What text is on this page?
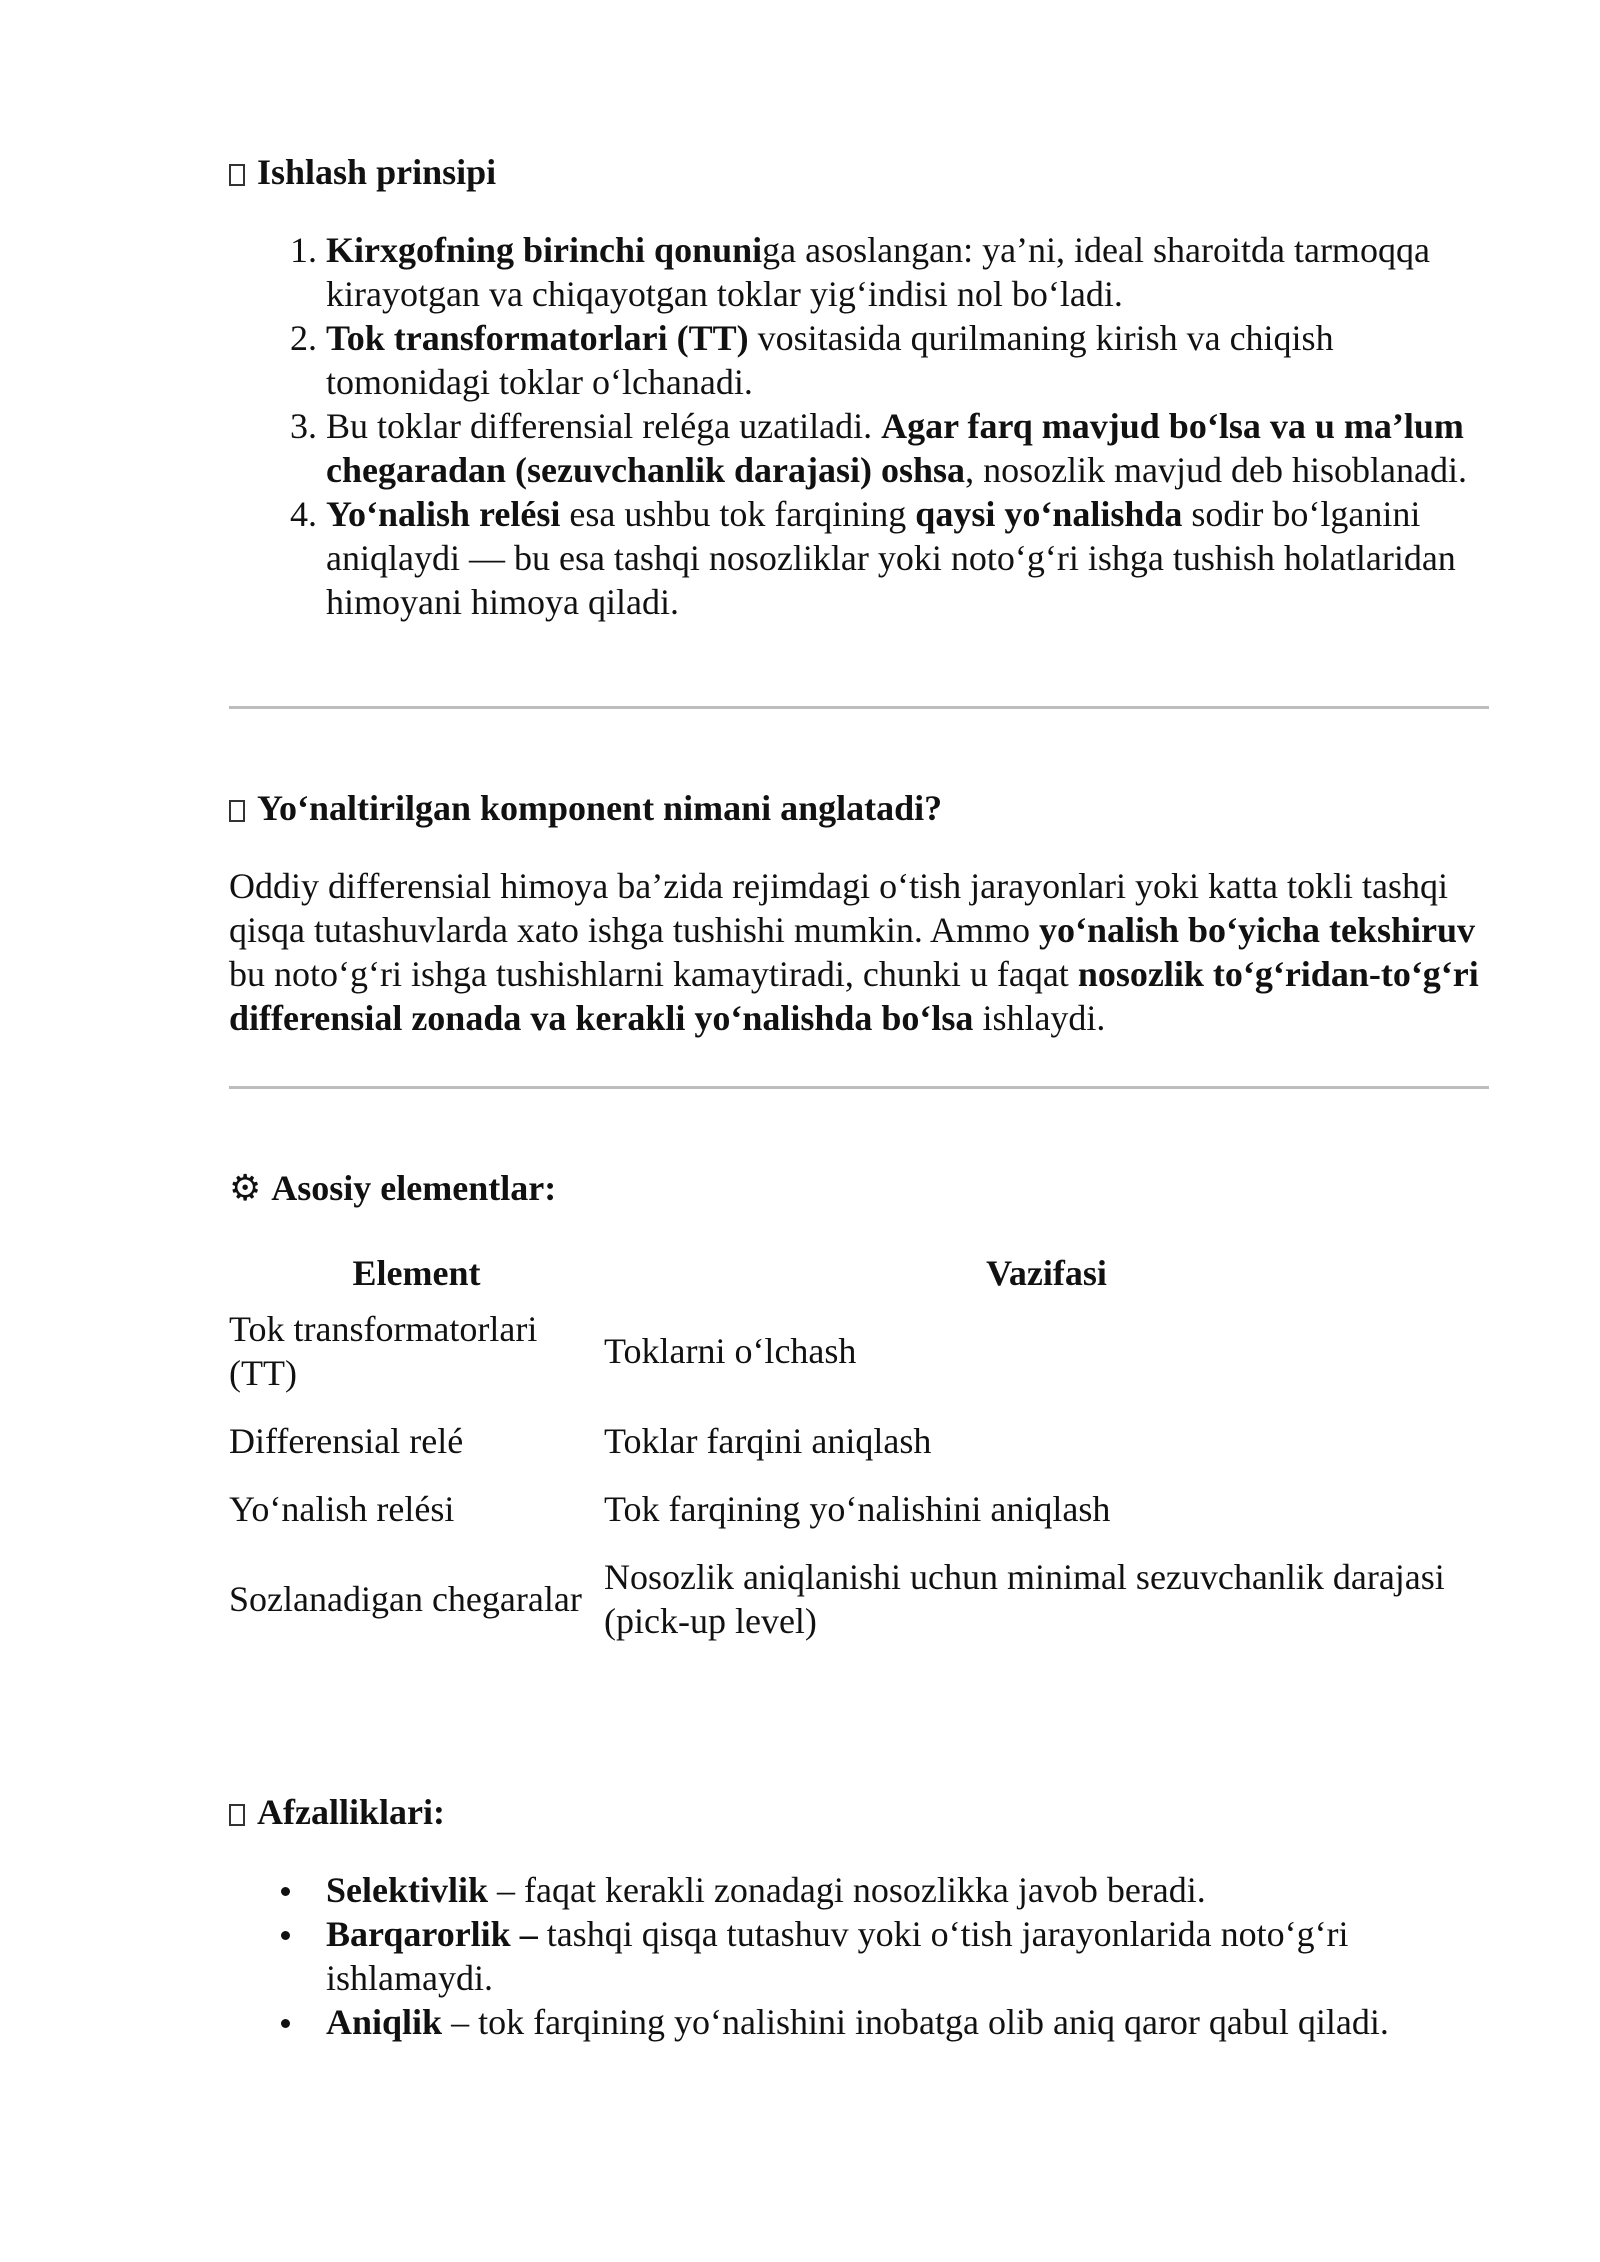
Ishlash prinsipi
1. Kirxgofning birinchi qonuniga asoslangan: ya’ni, ideal sharoitda tarmoqqa kirayotgan va chiqayotgan toklar yig‘indisi nol bo‘ladi.
2. Tok transformatorlari (TT) vositasida qurilmaning kirish va chiqish tomonidagi toklar o‘lchanadi.
3. Bu toklar differensial reléga uzatiladi. Agar farq mavjud bo‘lsa va u ma’lum chegaradan (sezuvchanlik darajasi) oshsa, nosozlik mavjud deb hisoblanadi.
4. Yo‘nalish relési esa ushbu tok farqining qaysi yo‘nalishda sodir bo‘lganini aniqlaydi — bu esa tashqi nosozliklar yoki noto‘g‘ri ishga tushish holatlaridan himoyani himoya qiladi.
Yo‘naltirilgan komponent nimani anglatadi?

Oddiy differensial himoya ba’zida rejimdagi o‘tish jarayonlari yoki katta tokli tashqi qisqa tutashuvlarda xato ishga tushishi mumkin. Ammo yo‘nalish bo‘yicha tekshiruv bu noto‘g‘ri ishga tushishlarni kamaytiradi, chunki u faqat nosozlik to‘g‘ridan-to‘g‘ri differensial zonada va kerakli yo‘nalishda bo‘lsa ishlaydi.

⚙ Asosiy elementlar:
Element	Vazifasi
Tok transformatorlari (TT)	Toklarni o‘lchash
Differensial relé	Toklar farqini aniqlash
Yo‘nalish relési	Tok farqining yo‘nalishini aniqlash
Sozlanadigan chegaralar	Nosozlik aniqlanishi uchun minimal sezuvchanlik darajasi (pick-up level)
Afzalliklari:
Selektivlik – faqat kerakli zonadagi nosozlikka javob beradi.
Barqarorlik – tashqi qisqa tutashuv yoki o‘tish jarayonlarida noto‘g‘ri ishlamaydi.
Aniqlik – tok farqining yo‘nalishini inobatga olib aniq qaror qabul qiladi.
